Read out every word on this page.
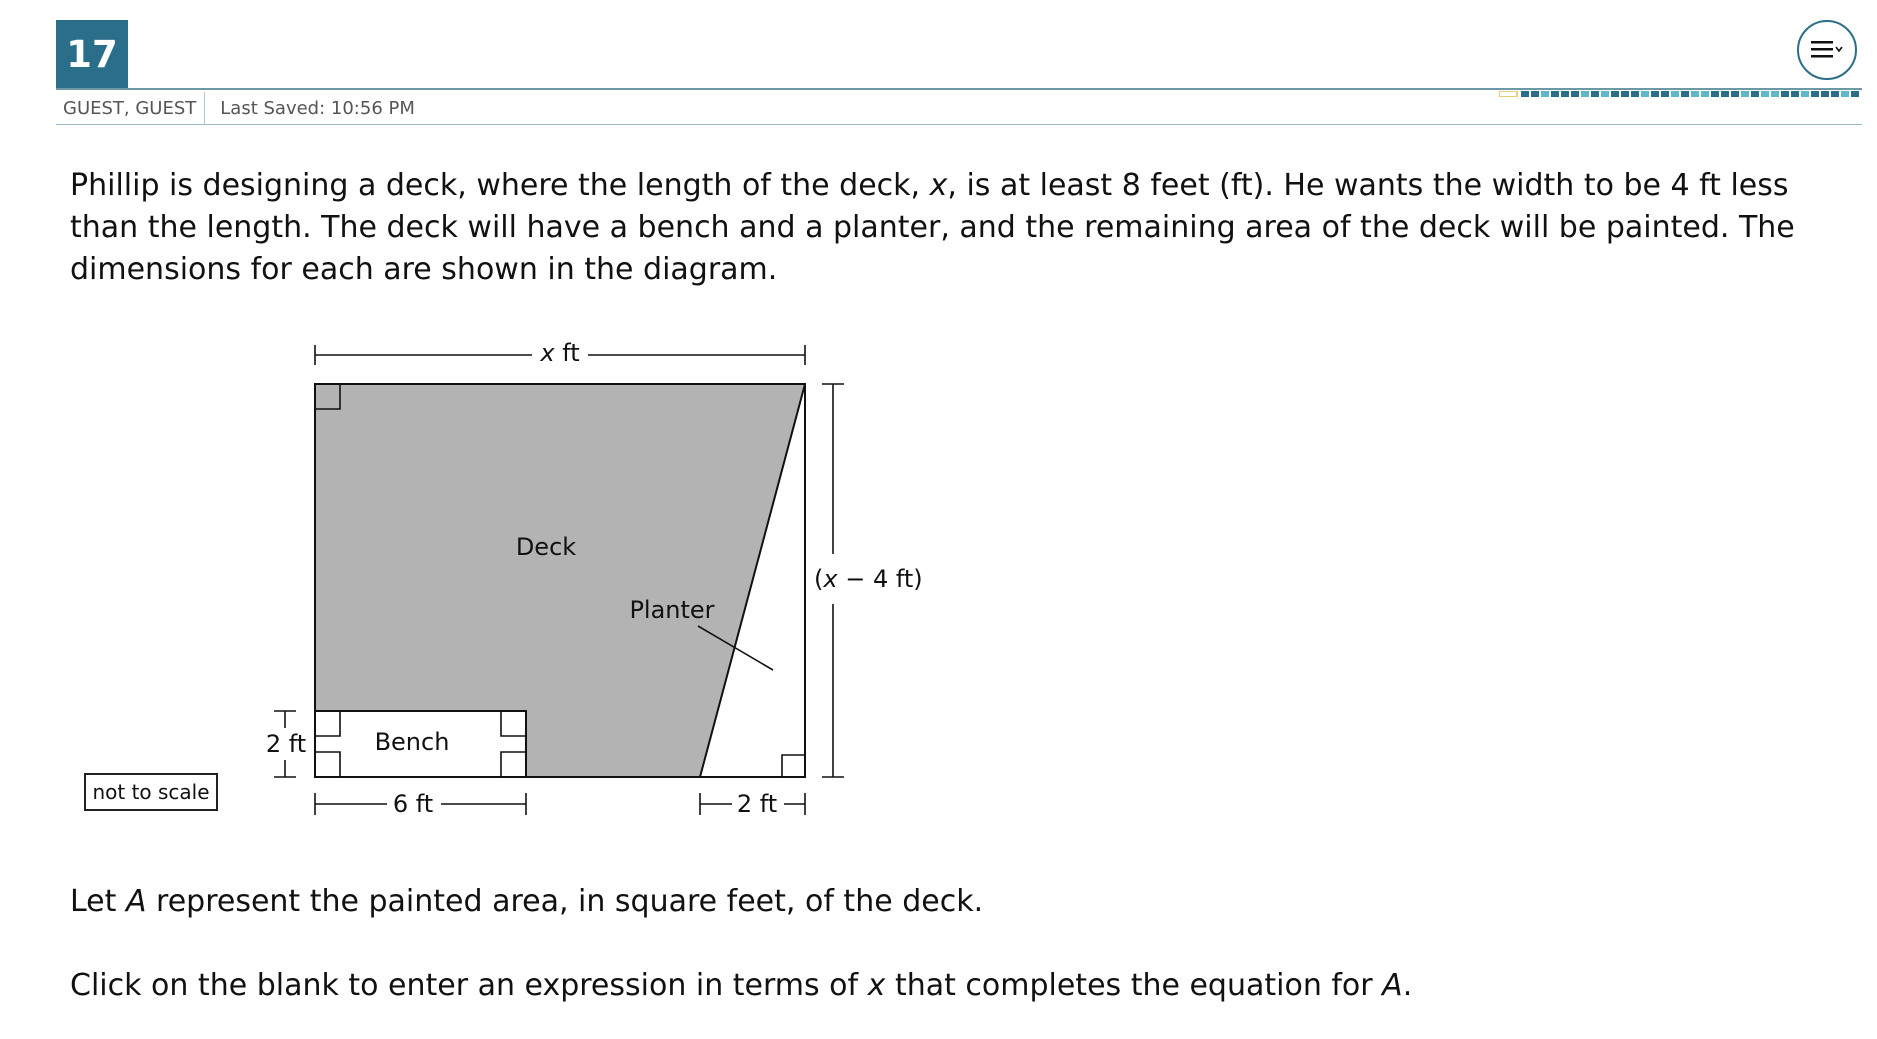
17
GUEST, GUEST	Last Saved: 10:56 PM
Phillip is designing a deck, where the length of the deck, x, is at least 8 feet (ft). He wants the width to be 4 ft less than the length. The deck will have a bench and a planter, and the remaining area of the deck will be painted. The dimensions for each are shown in the diagram.
x ft
(x − 4 ft)
Deck
Planter
Bench
2 ft
6 ft	2 ft
not to scale
Let A represent the painted area, in square feet, of the deck.
Click on the blank to enter an expression in terms of x that completes the equation for A.
